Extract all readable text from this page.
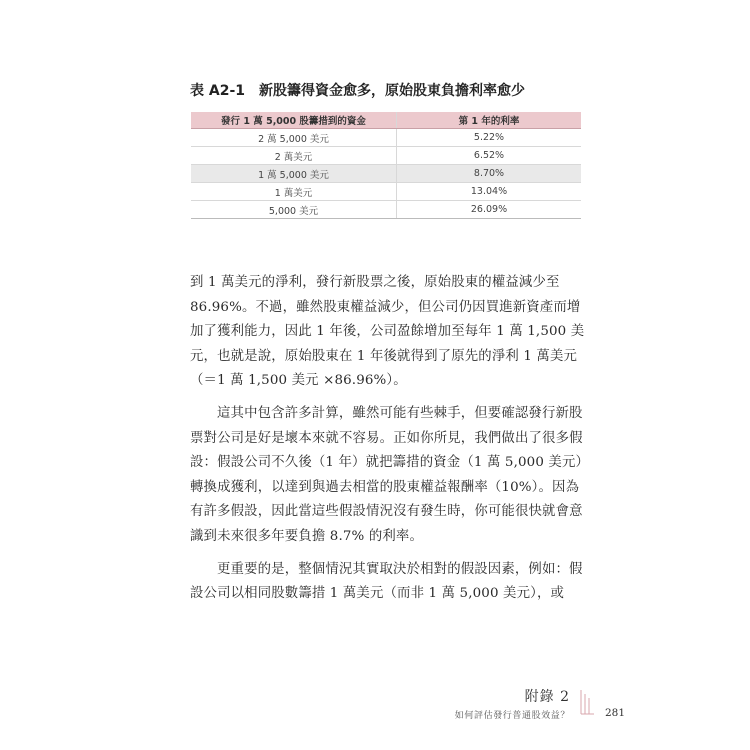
表 A2-1 新股籌得資金愈多，原始股東負擔利率愈少
發行 1 萬 5,000 股籌措到的資金	第 1 年的利率
2 萬 5,000 美元	5.22%
2 萬美元	6.52%
1 萬 5,000 美元	8.70%
1 萬美元	13.04%
5,000 美元	26.09%

到 1 萬美元的淨利，發行新股票之後，原始股東的權益減少至 86.96%。不過，雖然股東權益減少，但公司仍因買進新資產而增加了獲利能力，因此 1 年後，公司盈餘增加至每年 1 萬 1,500 美元，也就是說，原始股東在 1 年後就得到了原先的淨利 1 萬美元（＝1 萬 1,500 美元 ×86.96%）。

這其中包含許多計算，雖然可能有些棘手，但要確認發行新股票對公司是好是壞本來就不容易。正如你所見，我們做出了很多假設：假設公司不久後（1 年）就把籌措的資金（1 萬 5,000 美元）轉換成獲利，以達到與過去相當的股東權益報酬率（10%）。因為有許多假設，因此當這些假設情況沒有發生時，你可能很快就會意識到未來很多年要負擔 8.7% 的利率。

更重要的是，整個情況其實取決於相對的假設因素，例如：假設公司以相同股數籌措 1 萬美元（而非 1 萬 5,000 美元），或

附錄 2
如何評估發行普通股效益？	281
